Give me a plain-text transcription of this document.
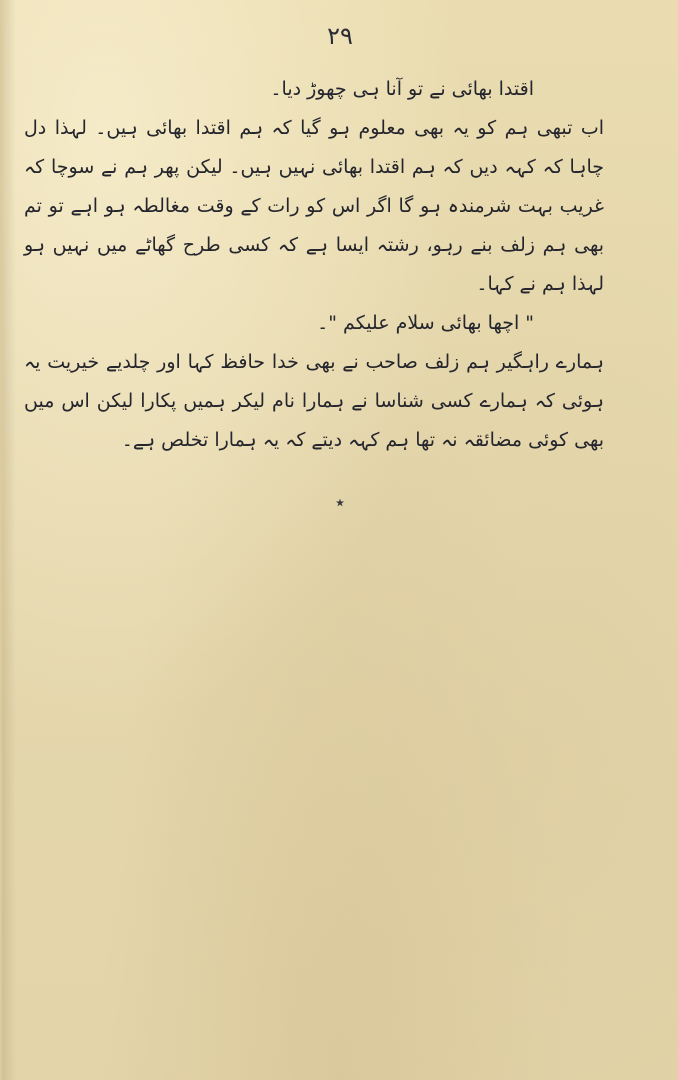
۲۹

اقتدا بھائی نے تو آنا ہی چھوڑ دیا۔

اب تبھی ہم کو یہ بھی معلوم ہو گیا کہ ہم اقتدا بھائی ہیں۔ لہذا دل چاہا کہ کہہ دیں کہ ہم اقتدا بھائی نہیں ہیں۔ لیکن پھر ہم نے سوچا کہ غریب بہت شرمندہ ہو گا اگر اس کو رات کے وقت مغالطہ ہو اہے تو تم بھی ہم زلف بنے رہو، رشتہ ایسا ہے کہ کسی طرح گھاٹے میں نہیں ہو لہذا ہم نے کہا۔

" اچھا بھائی سلام علیکم "۔

ہمارے راہگیر ہم زلف صاحب نے بھی خدا حافظ کہا اور چلدیے خیریت یہ ہوئی کہ ہمارے کسی شناسا نے ہمارا نام لیکر ہمیں پکارا لیکن اس میں بھی کوئی مضائقہ نہ تھا ہم کہہ دیتے کہ یہ ہمارا تخلص ہے۔

٭
